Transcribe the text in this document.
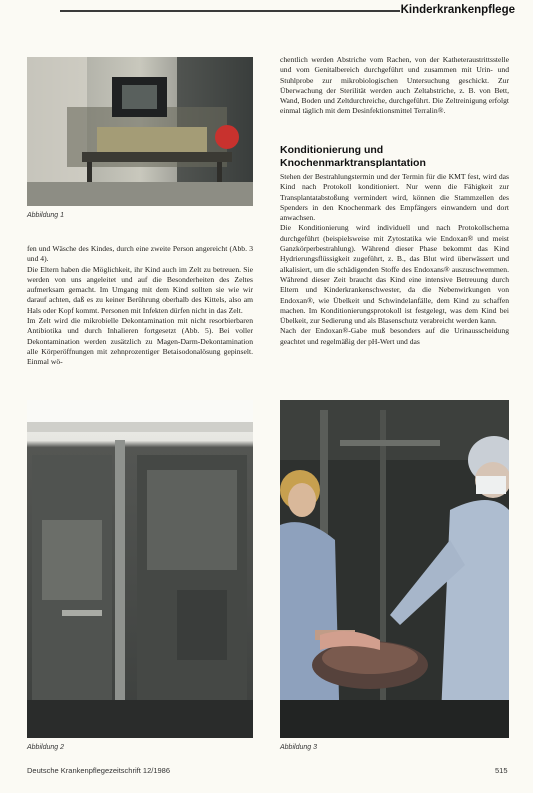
Kinderkrankenpflege
Abbildung 1

fen und Wäsche des Kindes, durch eine zweite Person angereicht (Abb. 3 und 4).

Die Eltern haben die Möglichkeit, ihr Kind auch im Zelt zu betreuen. Sie werden von uns angeleitet und auf die Besonderheiten des Zeltes aufmerksam gemacht. Im Umgang mit dem Kind sollten sie wie wir darauf achten, daß es zu keiner Berührung oberhalb des Kittels, also am Hals oder Kopf kommt. Personen mit Infekten dürfen nicht in das Zelt.

Im Zelt wird die mikrobielle Dekontamination mit nicht resorbierbaren Antibiotika und durch Inhalieren fortgesetzt (Abb. 5). Bei voller Dekontamination werden zusätzlich zu Magen-Darm-Dekontamination alle Körperöffnungen mit zehnprozentiger Betaisodonalösung gepinselt. Einmal wö-

chentlich werden Abstriche vom Rachen, von der Katheteraustrittsstelle und vom Genitalbereich durchgeführt und zusammen mit Urin- und Stuhlprobe zur mikrobiologischen Untersuchung geschickt. Zur Überwachung der Sterilität werden auch Zeltabstriche, z. B. von Bett, Wand, Boden und Zeltdurchreiche, durchgeführt. Die Zeltreinigung erfolgt einmal täglich mit dem Desinfektionsmittel Terralin®.
Konditionierung und Knochenmarktransplantation

Stehen der Bestrahlungstermin und der Termin für die KMT fest, wird das Kind nach Protokoll konditioniert. Nur wenn die Fähigkeit zur Transplantatabstoßung vermindert wird, können die Stammzellen des Spenders in den Knochenmark des Empfängers einwandern und dort anwachsen.

Die Konditionierung wird individuell und nach Protokollschema durchgeführt (beispielsweise mit Zytostatika wie Endoxan® und meist Ganzkörperbestrahlung). Während dieser Phase bekommt das Kind Hydrierungsflüssigkeit zugeführt, z. B., das Blut wird überwässert und alkalisiert, um die schädigenden Stoffe des Endoxans® auszuschwemmen. Während dieser Zeit braucht das Kind eine intensive Betreuung durch Eltern und Kinderkrankenschwester, da die Nebenwirkungen von Endoxan®, wie Übelkeit und Schwindelanfälle, dem Kind zu schaffen machen. Im Konditionierungsprotokoll ist festgelegt, was dem Kind bei Übelkeit, zur Sedierung und als Blasenschutz verabreicht werden kann.

Nach der Endoxan®-Gabe muß besonders auf die Urinausscheidung geachtet und regelmäßig der pH-Wert und das

Abbildung 2	Abbildung 3
Deutsche Krankenpflegezeitschrift 12/1986	515
